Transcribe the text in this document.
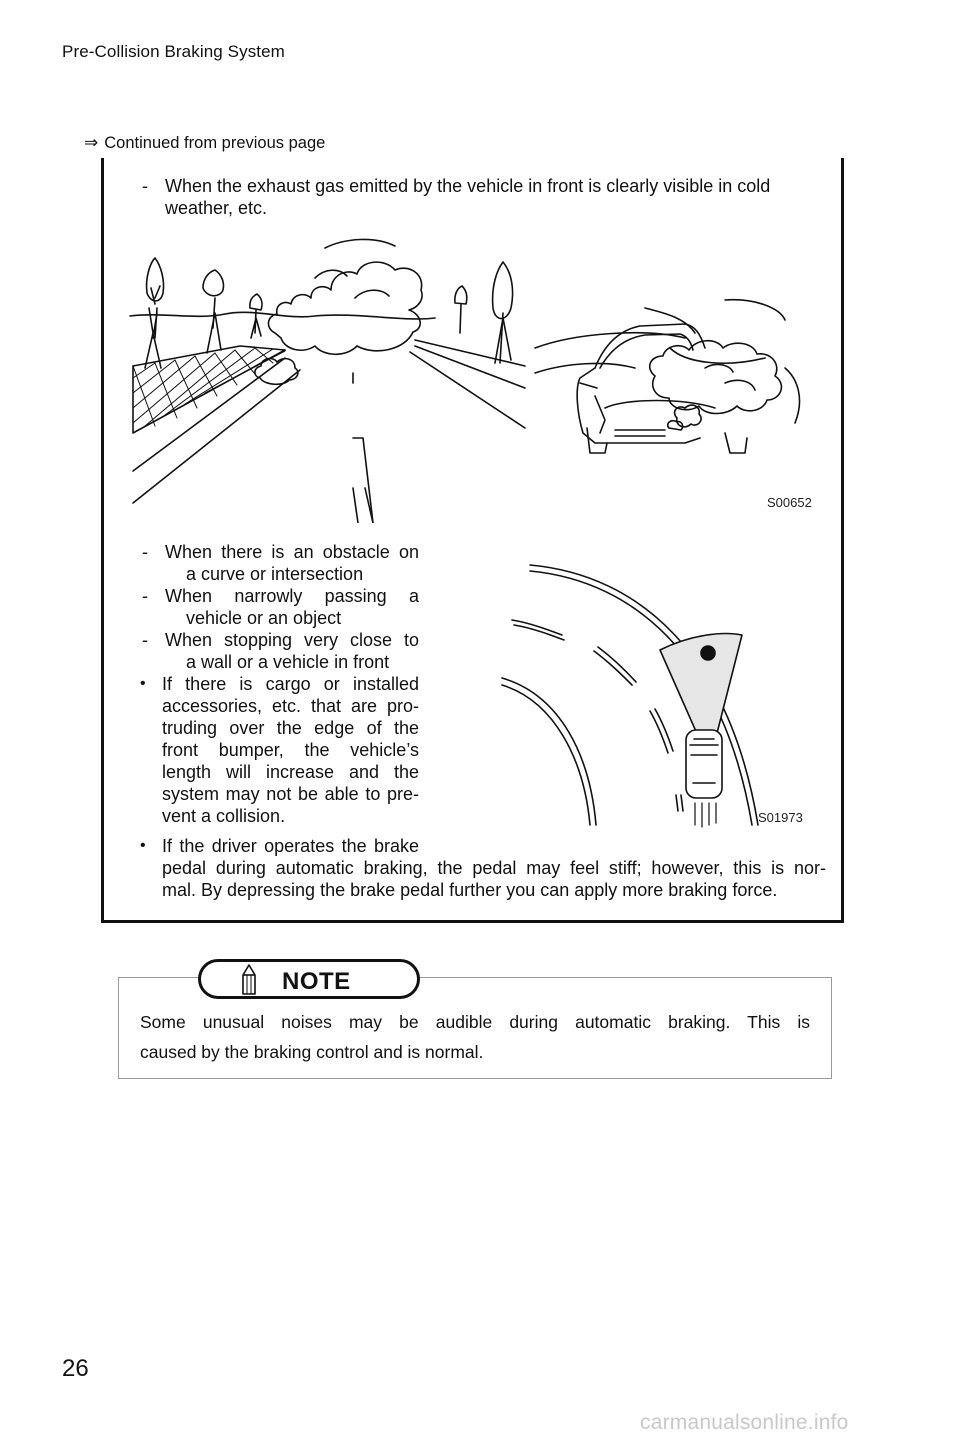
Pre-Collision Braking System
⇒ Continued from previous page
- When the exhaust gas emitted by the vehicle in front is clearly visible in cold
weather, etc.
S00652
- When there is an obstacle on
a curve or intersection
- When narrowly passing a
vehicle or an object
- When stopping very close to
a wall or a vehicle in front
• If there is cargo or installed
accessories, etc. that are pro-
truding over the edge of the
front bumper, the vehicle’s
length will increase and the
system may not be able to pre-
vent a collision.	S01973
• If the driver operates the brake
pedal during automatic braking, the pedal may feel stiff; however, this is nor-
mal. By depressing the brake pedal further you can apply more braking force.
NOTE
Some unusual noises may be audible during automatic braking. This is
caused by the braking control and is normal.
26
carmanualsonline.info
